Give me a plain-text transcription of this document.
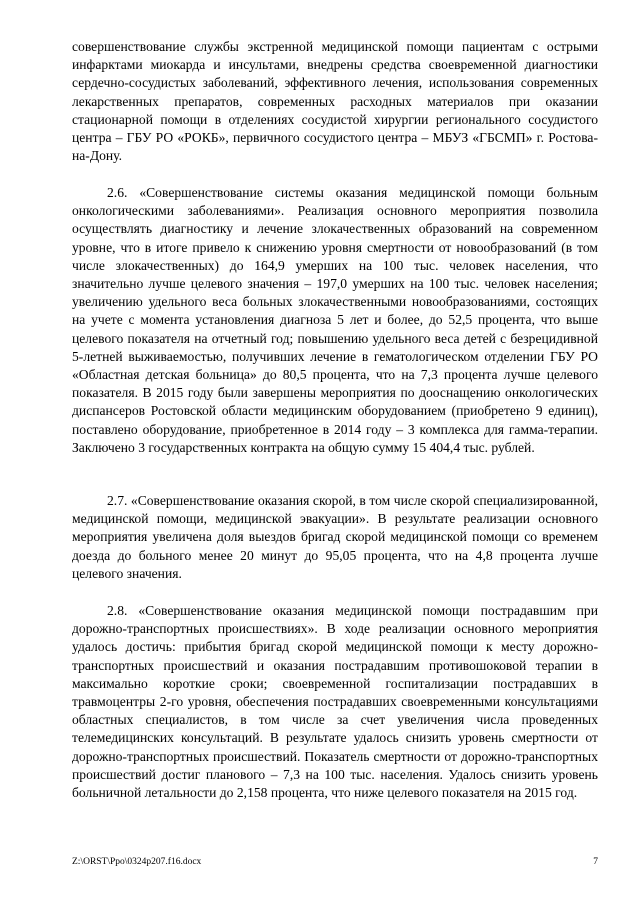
совершенствование службы экстренной медицинской помощи пациентам с острыми инфарктами миокарда и инсультами, внедрены средства своевременной диагностики сердечно-сосудистых заболеваний, эффективного лечения, использования современных лекарственных препаратов, современных расходных материалов при оказании стационарной помощи в отделениях сосудистой хирургии регионального сосудистого центра – ГБУ РО «РОКБ», первичного сосудистого центра – МБУЗ «ГБСМП» г. Ростова-на-Дону.

2.6. «Совершенствование системы оказания медицинской помощи больным онкологическими заболеваниями». Реализация основного мероприятия позволила осуществлять диагностику и лечение злокачественных образований на современном уровне, что в итоге привело к снижению уровня смертности от новообразований (в том числе злокачественных) до 164,9 умерших на 100 тыс. человек населения, что значительно лучше целевого значения – 197,0 умерших на 100 тыс. человек населения; увеличению удельного веса больных злокачественными новообразованиями, состоящих на учете с момента установления диагноза 5 лет и более, до 52,5 процента, что выше целевого показателя на отчетный год; повышению удельного веса детей с безрецидивной 5-летней выживаемостью, получивших лечение в гематологическом отделении ГБУ РО «Областная детская больница» до 80,5 процента, что на 7,3 процента лучше целевого показателя. В 2015 году были завершены мероприятия по дооснащению онкологических диспансеров Ростовской области медицинским оборудованием (приобретено 9 единиц), поставлено оборудование, приобретенное в 2014 году – 3 комплекса для гамма-терапии. Заключено 3 государственных контракта на общую сумму 15 404,4 тыс. рублей.

2.7. «Совершенствование оказания скорой, в том числе скорой специализированной, медицинской помощи, медицинской эвакуации». В результате реализации основного мероприятия увеличена доля выездов бригад скорой медицинской помощи со временем доезда до больного менее 20 минут до 95,05 процента, что на 4,8 процента лучше целевого значения.

2.8. «Совершенствование оказания медицинской помощи пострадавшим при дорожно-транспортных происшествиях». В ходе реализации основного мероприятия удалось достичь: прибытия бригад скорой медицинской помощи к месту дорожно-транспортных происшествий и оказания пострадавшим противошоковой терапии в максимально короткие сроки; своевременной госпитализации пострадавших в травмоцентры 2-го уровня, обеспечения пострадавших своевременными консультациями областных специалистов, в том числе за счет увеличения числа проведенных телемедицинских консультаций. В результате удалось снизить уровень смертности от дорожно-транспортных происшествий. Показатель смертности от дорожно-транспортных происшествий достиг планового – 7,3 на 100 тыс. населения. Удалось снизить уровень больничной летальности до 2,158 процента, что ниже целевого показателя на 2015 год.

Z:\ORST\Ppo\0324p207.f16.docx	7
